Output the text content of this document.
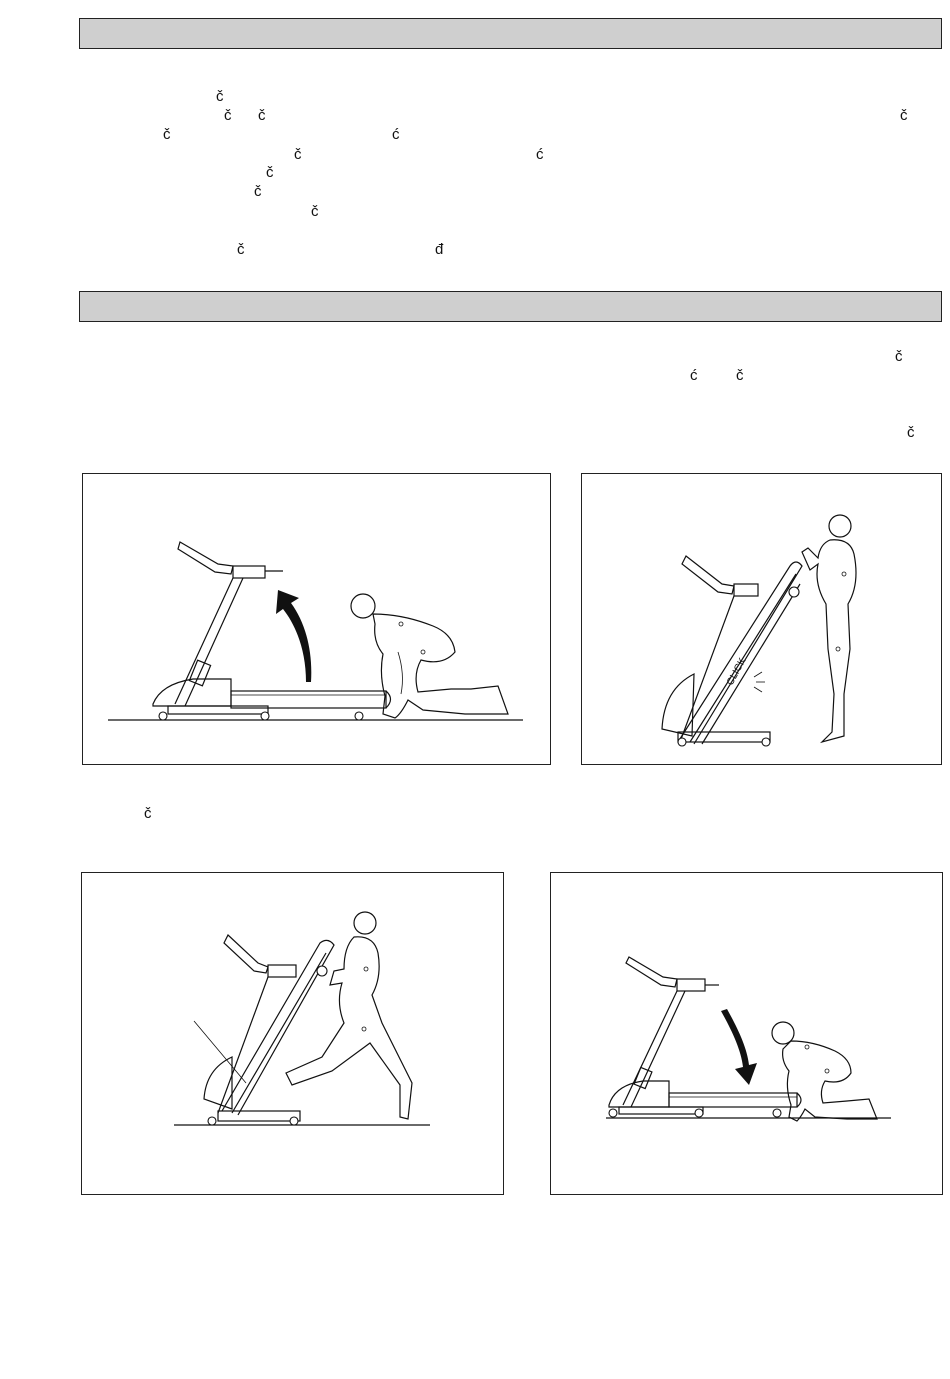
č
č č	č
č	ć
č	ć
č
č
č
č	đ
č
ć	č
č
č
CLICK
